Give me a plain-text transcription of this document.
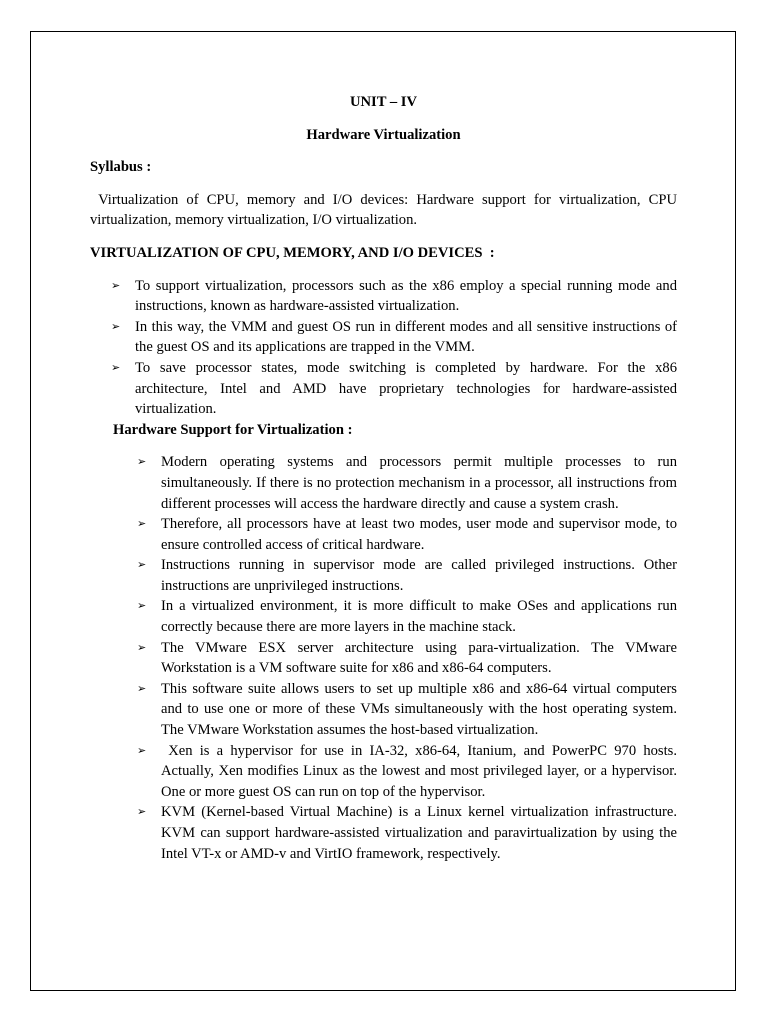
UNIT – IV

Hardware Virtualization

Syllabus :

Virtualization of CPU, memory and I/O devices: Hardware support for virtualization, CPU virtualization, memory virtualization, I/O virtualization.

VIRTUALIZATION OF CPU, MEMORY, AND I/O DEVICES  :

➢ To support virtualization, processors such as the x86 employ a special running mode and instructions, known as hardware-assisted virtualization.
➢ In this way, the VMM and guest OS run in different modes and all sensitive instructions of the guest OS and its applications are trapped in the VMM.
➢ To save processor states, mode switching is completed by hardware. For the x86 architecture, Intel and AMD have proprietary technologies for hardware-assisted virtualization.

Hardware Support for Virtualization :

➢ Modern operating systems and processors permit multiple processes to run simultaneously. If there is no protection mechanism in a processor, all instructions from different processes will access the hardware directly and cause a system crash.
➢ Therefore, all processors have at least two modes, user mode and supervisor mode, to ensure controlled access of critical hardware.
➢ Instructions running in supervisor mode are called privileged instructions. Other instructions are unprivileged instructions.
➢ In a virtualized environment, it is more difficult to make OSes and applications run correctly because there are more layers in the machine stack.
➢ The VMware ESX server architecture using para-virtualization. The VMware Workstation is a VM software suite for x86 and x86-64 computers.
➢ This software suite allows users to set up multiple x86 and x86-64 virtual computers and to use one or more of these VMs simultaneously with the host operating system. The VMware Workstation assumes the host-based virtualization.
➢ Xen is a hypervisor for use in IA-32, x86-64, Itanium, and PowerPC 970 hosts. Actually, Xen modifies Linux as the lowest and most privileged layer, or a hypervisor. One or more guest OS can run on top of the hypervisor.
➢ KVM (Kernel-based Virtual Machine) is a Linux kernel virtualization infrastructure. KVM can support hardware-assisted virtualization and paravirtualization by using the Intel VT-x or AMD-v and VirtIO framework, respectively.
